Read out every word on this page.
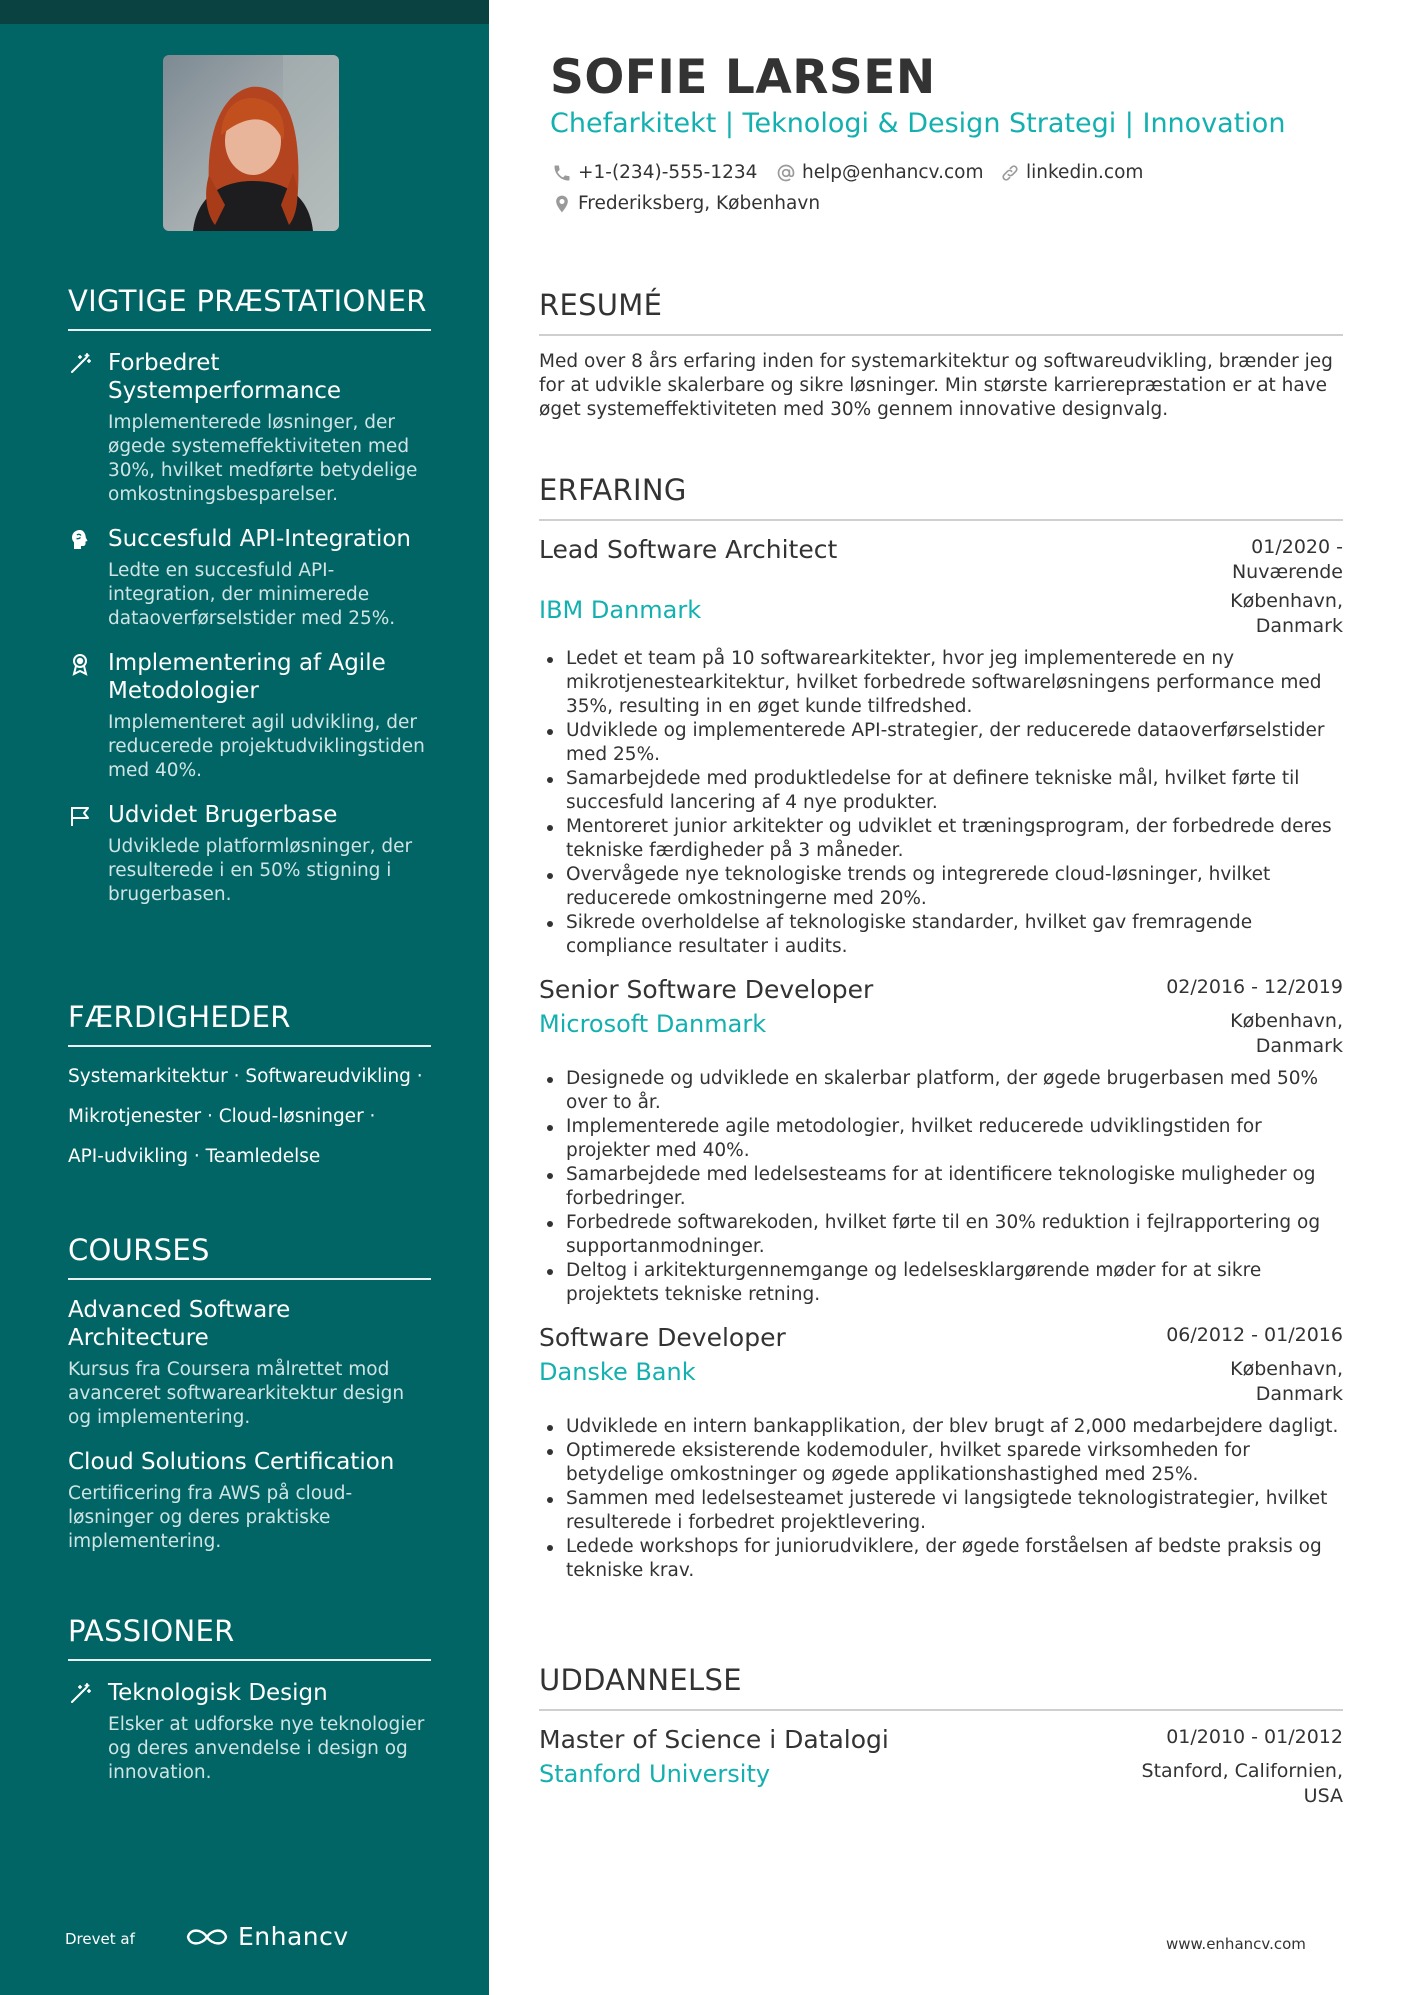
VIGTIGE PRÆSTATIONER
Forbedret Systemperformance
Implementerede løsninger, der øgede systemeffektiviteten med 30%, hvilket medførte betydelige omkostningsbesparelser.
Succesfuld API-Integration
Ledte en succesfuld API-integration, der minimerede dataoverførselstider med 25%.
Implementering af Agile Metodologier
Implementeret agil udvikling, der reducerede projektudviklingstiden med 40%.
Udvidet Brugerbase
Udviklede platformløsninger, der resulterede i en 50% stigning i brugerbasen.
FÆRDIGHEDER
Systemarkitektur · Softwareudvikling ·
Mikrotjenester · Cloud-løsninger ·
API-udvikling · Teamledelse
COURSES
Advanced Software Architecture
Kursus fra Coursera målrettet mod avanceret softwarearkitektur design og implementering.
Cloud Solutions Certification
Certificering fra AWS på cloud-løsninger og deres praktiske implementering.
PASSIONER
Teknologisk Design
Elsker at udforske nye teknologier og deres anvendelse i design og innovation.
Drevet af	Enhancv
SOFIE LARSEN
Chefarkitekt | Teknologi & Design Strategi | Innovation
+1-(234)-555-1234 help@enhancv.com linkedin.com
Frederiksberg, København
RESUMÉ
Med over 8 års erfaring inden for systemarkitektur og softwareudvikling, brænder jeg for at udvikle skalerbare og sikre løsninger. Min største karrierepræstation er at have øget systemeffektiviteten med 30% gennem innovative designvalg.
ERFARING
Lead Software Architect	01/2020 - Nuværende
IBM Danmark	København, Danmark
Ledet et team på 10 softwarearkitekter, hvor jeg implementerede en ny mikrotjenestearkitektur, hvilket forbedrede softwareløsningens performance med 35%, resulting in en øget kunde tilfredshed.
Udviklede og implementerede API-strategier, der reducerede dataoverførselstider med 25%.
Samarbejdede med produktledelse for at definere tekniske mål, hvilket førte til succesfuld lancering af 4 nye produkter.
Mentoreret junior arkitekter og udviklet et træningsprogram, der forbedrede deres tekniske færdigheder på 3 måneder.
Overvågede nye teknologiske trends og integrerede cloud-løsninger, hvilket reducerede omkostningerne med 20%.
Sikrede overholdelse af teknologiske standarder, hvilket gav fremragende compliance resultater i audits.
Senior Software Developer	02/2016 - 12/2019
Microsoft Danmark	København, Danmark
Designede og udviklede en skalerbar platform, der øgede brugerbasen med 50% over to år.
Implementerede agile metodologier, hvilket reducerede udviklingstiden for projekter med 40%.
Samarbejdede med ledelsesteams for at identificere teknologiske muligheder og forbedringer.
Forbedrede softwarekoden, hvilket førte til en 30% reduktion i fejlrapportering og supportanmodninger.
Deltog i arkitekturgennemgange og ledelsesklargørende møder for at sikre projektets tekniske retning.
Software Developer	06/2012 - 01/2016
Danske Bank	København, Danmark
Udviklede en intern bankapplikation, der blev brugt af 2,000 medarbejdere dagligt.
Optimerede eksisterende kodemoduler, hvilket sparede virksomheden for betydelige omkostninger og øgede applikationshastighed med 25%.
Sammen med ledelsesteamet justerede vi langsigtede teknologistrategier, hvilket resulterede i forbedret projektlevering.
Ledede workshops for juniorudviklere, der øgede forståelsen af bedste praksis og tekniske krav.
UDDANNELSE
Master of Science i Datalogi	01/2010 - 01/2012
Stanford University	Stanford, Californien, USA
www.enhancv.com
